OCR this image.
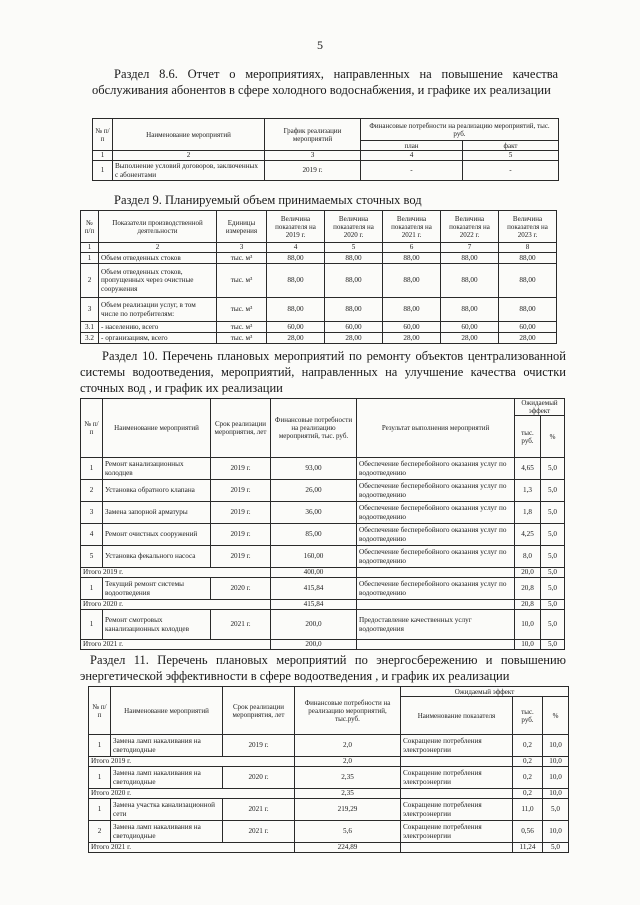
5
Раздел 8.6. Отчет о мероприятиях, направленных на повышение качества обслуживания абонентов в сфере холодного водоснабжения, и графике их реализации
№ п/п	Наименование мероприятий	График реализации мероприятий	Финансовые потребности на реализацию мероприятий, тыс. руб.	
			план	факт
1	2	3	4	5
1	Выполнение условий договоров, заключенных с абонентами	2019 г.	-	-
Раздел 9. Планируемый объем принимаемых сточных вод
№ п/п	Показатели производственной деятельности	Единицы измерения	Величина показателя на 2019 г.	Величина показателя на 2020 г.	Величина показателя на 2021 г.	Величина показателя на 2022 г.	Величина показателя на 2023 г.
1	2	3	4	5	6	7	8
1	Объем отведенных стоков	тыс. м³	88,00	88,00	88,00	88,00	88,00
2	Объем отведенных стоков, пропущенных через очистные сооружения	тыс. м³	88,00	88,00	88,00	88,00	88,00
3	Объем реализации услуг, в том числе по потребителям:	тыс. м³	88,00	88,00	88,00	88,00	88,00
3.1	- населению, всего	тыс. м³	60,00	60,00	60,00	60,00	60,00
3.2	- организациям, всего	тыс. м³	28,00	28,00	28,00	28,00	28,00
Раздел 10. Перечень плановых мероприятий по ремонту объектов централизованной системы водоотведения, мероприятий, направленных на улучшение качества очистки сточных вод , и график их реализации
№ п/ п	Наименование мероприятий	Срок реализации мероприятия, лет	Финансовые потребности на реализацию мероприятий, тыс. руб.	Результат выполнения мероприятий	Ожидаемый эффект	
					тыс. руб.	%
1	Ремонт канализационных колодцев	2019 г.	93,00	Обеспечение бесперебойного оказания услуг по водоотведению	4,65	5,0
2	Установка обратного клапана	2019 г.	26,00	Обеспечение бесперебойного оказания услуг по водоотведению	1,3	5,0
3	Замена запорной арматуры	2019 г.	36,00	Обеспечение бесперебойного оказания услуг по водоотведению	1,8	5,0
4	Ремонт очистных сооружений	2019 г.	85,00	Обеспечение бесперебойного оказания услуг по водоотведению	4,25	5,0
5	Установка фекального насоса	2019 г.	160,00	Обеспечение бесперебойного оказания услуг по водоотведению	8,0	5,0
Итого 2019 г.			400,00		20,0	5,0
1	Текущий ремонт системы водоотведения	2020 г.	415,84	Обеспечение бесперебойного оказания услуг по водоотведению	20,8	5,0
Итого 2020 г.			415,84		20,8	5,0
1	Ремонт смотровых канализационных колодцев	2021 г.	200,0	Предоставление качественных услуг водоотведения	10,0	5,0
Итого 2021 г.			200,0		10,0	5,0
Раздел 11. Перечень плановых мероприятий по энергосбережению и повышению энергетической эффективности в сфере водоотведения , и график их реализации
№ п/ п	Наименование мероприятий	Срок реализации мероприятия, лет	Финансовые потребности на реализацию мероприятий, тыс.руб.	Ожидаемый эффект		
				Наименование показателя	тыс. руб.	%
1	Замена ламп накаливания на светодиодные	2019 г.	2,0	Сокращение потребления электроэнергии	0,2	10,0
Итого 2019 г.			2,0		0,2	10,0
1	Замена ламп накаливания на светодиодные	2020 г.	2,35	Сокращение потребления электроэнергии	0,2	10,0
Итого 2020 г.			2,35		0,2	10,0
1	Замена участка канализационной сети	2021 г.	219,29	Сокращение потребления электроэнергии	11,0	5,0
2	Замена ламп накаливания на светодиодные	2021 г.	5,6	Сокращение потребления электроэнергии	0,56	10,0
Итого 2021 г.			224,89		11,24	5,0
